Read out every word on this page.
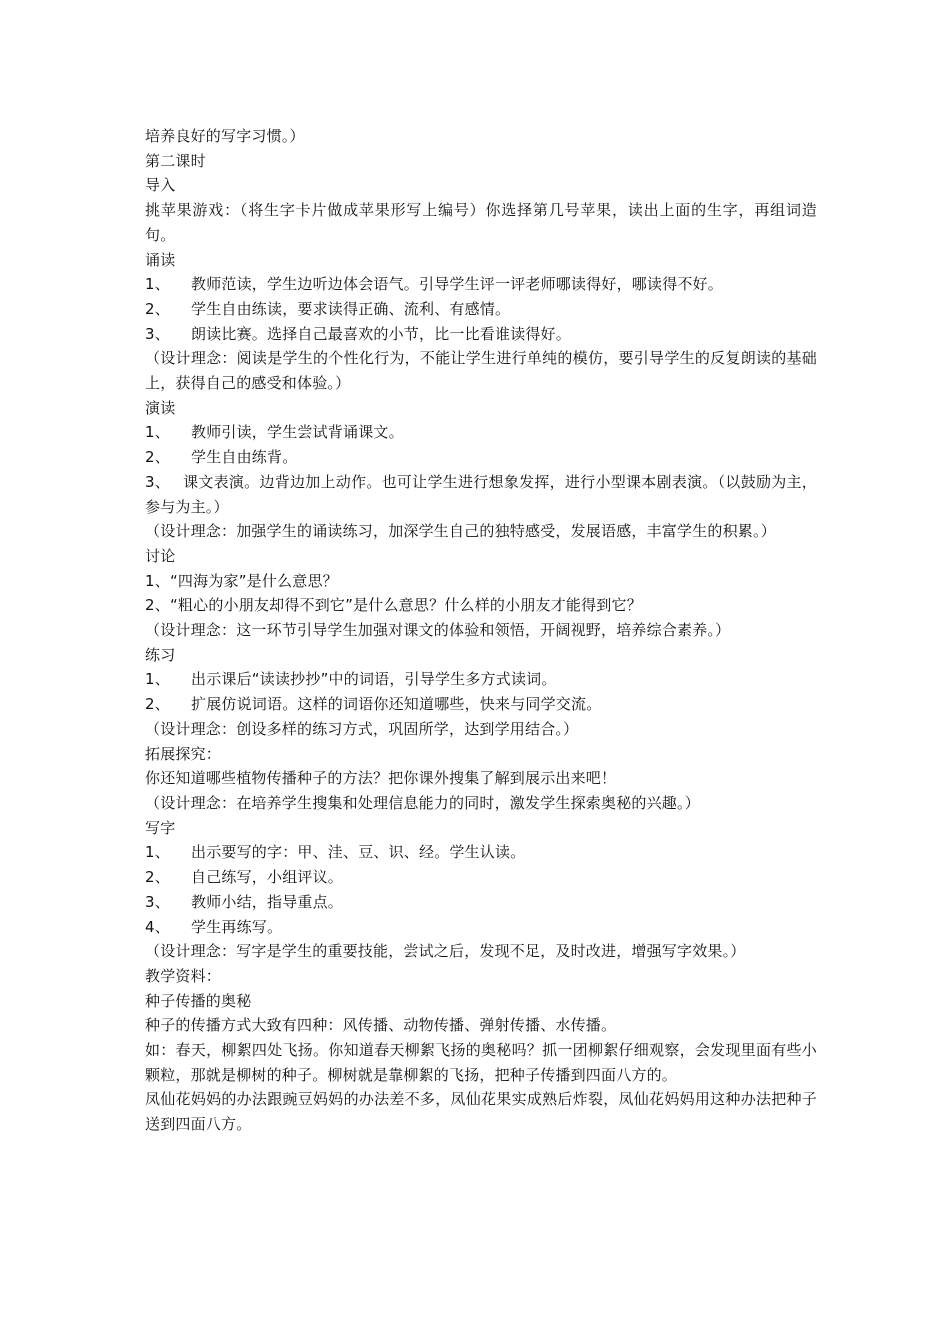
培养良好的写字习惯。）
第二课时
导入
挑苹果游戏：（将生字卡片做成苹果形写上编号）你选择第几号苹果，读出上面的生字，再组词造句。
诵读
1、	教师范读，学生边听边体会语气。引导学生评一评老师哪读得好，哪读得不好。
2、	学生自由练读，要求读得正确、流利、有感情。
3、	朗读比赛。选择自己最喜欢的小节，比一比看谁读得好。
（设计理念：阅读是学生的个性化行为，不能让学生进行单纯的模仿，要引导学生的反复朗读的基础上，获得自己的感受和体验。）
演读
1、	教师引读，学生尝试背诵课文。
2、	学生自由练背。
3、 课文表演。边背边加上动作。也可让学生进行想象发挥，进行小型课本剧表演。（以鼓励为主，参与为主。）
（设计理念：加强学生的诵读练习，加深学生自己的独特感受，发展语感，丰富学生的积累。）
讨论
1、“四海为家”是什么意思？
2、“粗心的小朋友却得不到它”是什么意思？什么样的小朋友才能得到它？
（设计理念：这一环节引导学生加强对课文的体验和领悟，开阔视野，培养综合素养。）
练习
1、	出示课后“读读抄抄”中的词语，引导学生多方式读词。
2、	扩展仿说词语。这样的词语你还知道哪些，快来与同学交流。
（设计理念：创设多样的练习方式，巩固所学，达到学用结合。）
拓展探究：
你还知道哪些植物传播种子的方法？把你课外搜集了解到展示出来吧！
（设计理念：在培养学生搜集和处理信息能力的同时，激发学生探索奥秘的兴趣。）
写字
1、	出示要写的字：甲、洼、豆、识、经。学生认读。
2、	自己练写，小组评议。
3、	教师小结，指导重点。
4、	学生再练写。
（设计理念：写字是学生的重要技能，尝试之后，发现不足，及时改进，增强写字效果。）
教学资料：
种子传播的奥秘
种子的传播方式大致有四种：风传播、动物传播、弹射传播、水传播。
如：春天，柳絮四处飞扬。你知道春天柳絮飞扬的奥秘吗？抓一团柳絮仔细观察，会发现里面有些小颗粒，那就是柳树的种子。柳树就是靠柳絮的飞扬，把种子传播到四面八方的。
凤仙花妈妈的办法跟豌豆妈妈的办法差不多，凤仙花果实成熟后炸裂，凤仙花妈妈用这种办法把种子送到四面八方。
